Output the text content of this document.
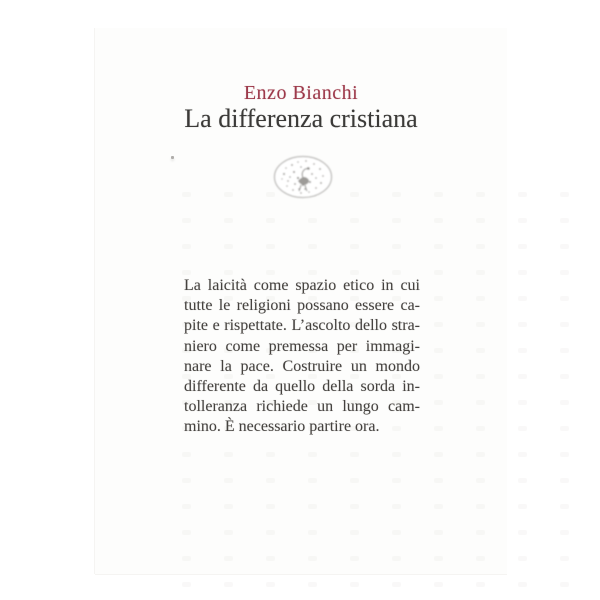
Enzo Bianchi
La differenza cristiana
La laicità come spazio etico in cui
tutte le religioni possano essere ca-
pite e rispettate. L’ascolto dello stra-
niero come premessa per immagi-
nare la pace. Costruire un mondo
differente da quello della sorda in-
tolleranza richiede un lungo cam-
mino. È necessario partire ora.
